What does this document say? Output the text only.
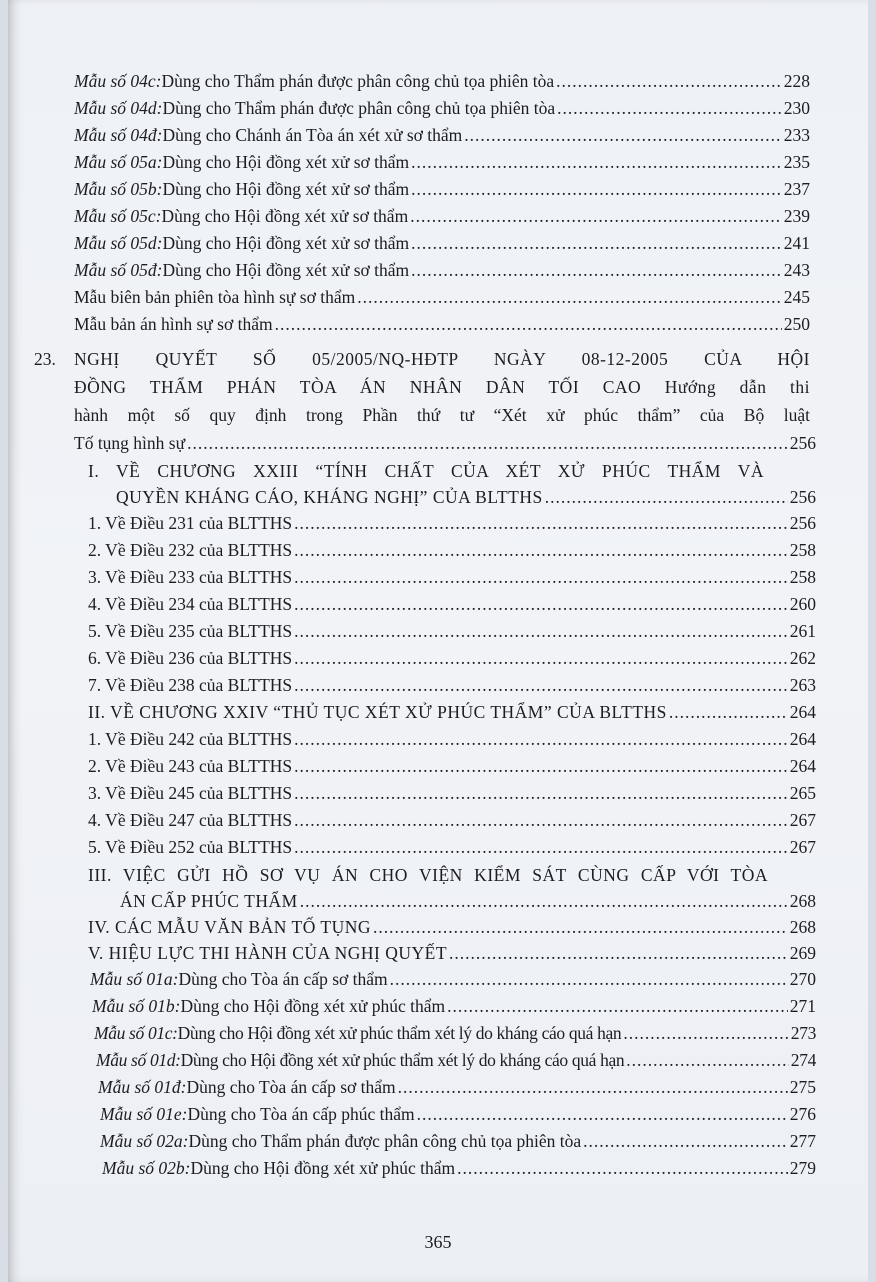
Mẫu số 04c: Dùng cho Thẩm phán được phân công chủ tọa phiên tòa .....	228
Mẫu số 04d: Dùng cho Thẩm phán được phân công chủ tọa phiên tòa .....	230
Mẫu số 04đ: Dùng cho Chánh án Tòa án xét xử sơ thẩm .....	233
Mẫu số 05a: Dùng cho Hội đồng xét xử sơ thẩm .....	235
Mẫu số 05b: Dùng cho Hội đồng xét xử sơ thẩm .....	237
Mẫu số 05c: Dùng cho Hội đồng xét xử sơ thẩm .....	239
Mẫu số 05d: Dùng cho Hội đồng xét xử sơ thẩm .....	241
Mẫu số 05đ: Dùng cho Hội đồng xét xử sơ thẩm .....	243
Mẫu biên bản phiên tòa hình sự sơ thẩm .....	245
Mẫu bản án hình sự sơ thẩm .....	250
23. NGHỊ QUYẾT SỐ 05/2005/NQ-HĐTP NGÀY 08-12-2005 CỦA HỘI
ĐỒNG THẨM PHÁN TÒA ÁN NHÂN DÂN TỐI CAO Hướng dẫn thi
hành một số quy định trong Phần thứ tư “Xét xử phúc thẩm” của Bộ luật
Tố tụng hình sự .....	256
I. VỀ CHƯƠNG XXIII “TÍNH CHẤT CỦA XÉT XỬ PHÚC THẨM VÀ
QUYỀN KHÁNG CÁO, KHÁNG NGHỊ” CỦA BLTTHS .....	256
1. Về Điều 231 của BLTTHS .....	256
2. Về Điều 232 của BLTTHS .....	258
3. Về Điều 233 của BLTTHS .....	258
4. Về Điều 234 của BLTTHS .....	260
5. Về Điều 235 của BLTTHS .....	261
6. Về Điều 236 của BLTTHS .....	262
7. Về Điều 238 của BLTTHS .....	263
II. VỀ CHƯƠNG XXIV “THỦ TỤC XÉT XỬ PHÚC THẨM” CỦA BLTTHS .....	264
1. Về Điều 242 của BLTTHS .....	264
2. Về Điều 243 của BLTTHS .....	264
3. Về Điều 245 của BLTTHS .....	265
4. Về Điều 247 của BLTTHS .....	267
5. Về Điều 252 của BLTTHS .....	267
III. VIỆC GỬI HỒ SƠ VỤ ÁN CHO VIỆN KIỂM SÁT CÙNG CẤP VỚI TÒA
ÁN CẤP PHÚC THẨM .....	268
IV. CÁC MẪU VĂN BẢN TỐ TỤNG .....	268
V. HIỆU LỰC THI HÀNH CỦA NGHỊ QUYẾT .....	269
Mẫu số 01a: Dùng cho Tòa án cấp sơ thẩm .....	270
Mẫu số 01b: Dùng cho Hội đồng xét xử phúc thẩm .....	271
Mẫu số 01c: Dùng cho Hội đồng xét xử phúc thẩm xét lý do kháng cáo quá hạn .....	273
Mẫu số 01d: Dùng cho Hội đồng xét xử phúc thẩm xét lý do kháng cáo quá hạn .....	274
Mẫu số 01đ: Dùng cho Tòa án cấp sơ thẩm .....	275
Mẫu số 01e: Dùng cho Tòa án cấp phúc thẩm .....	276
Mẫu số 02a: Dùng cho Thẩm phán được phân công chủ tọa phiên tòa .....	277
Mẫu số 02b: Dùng cho Hội đồng xét xử phúc thẩm .....	279
365
